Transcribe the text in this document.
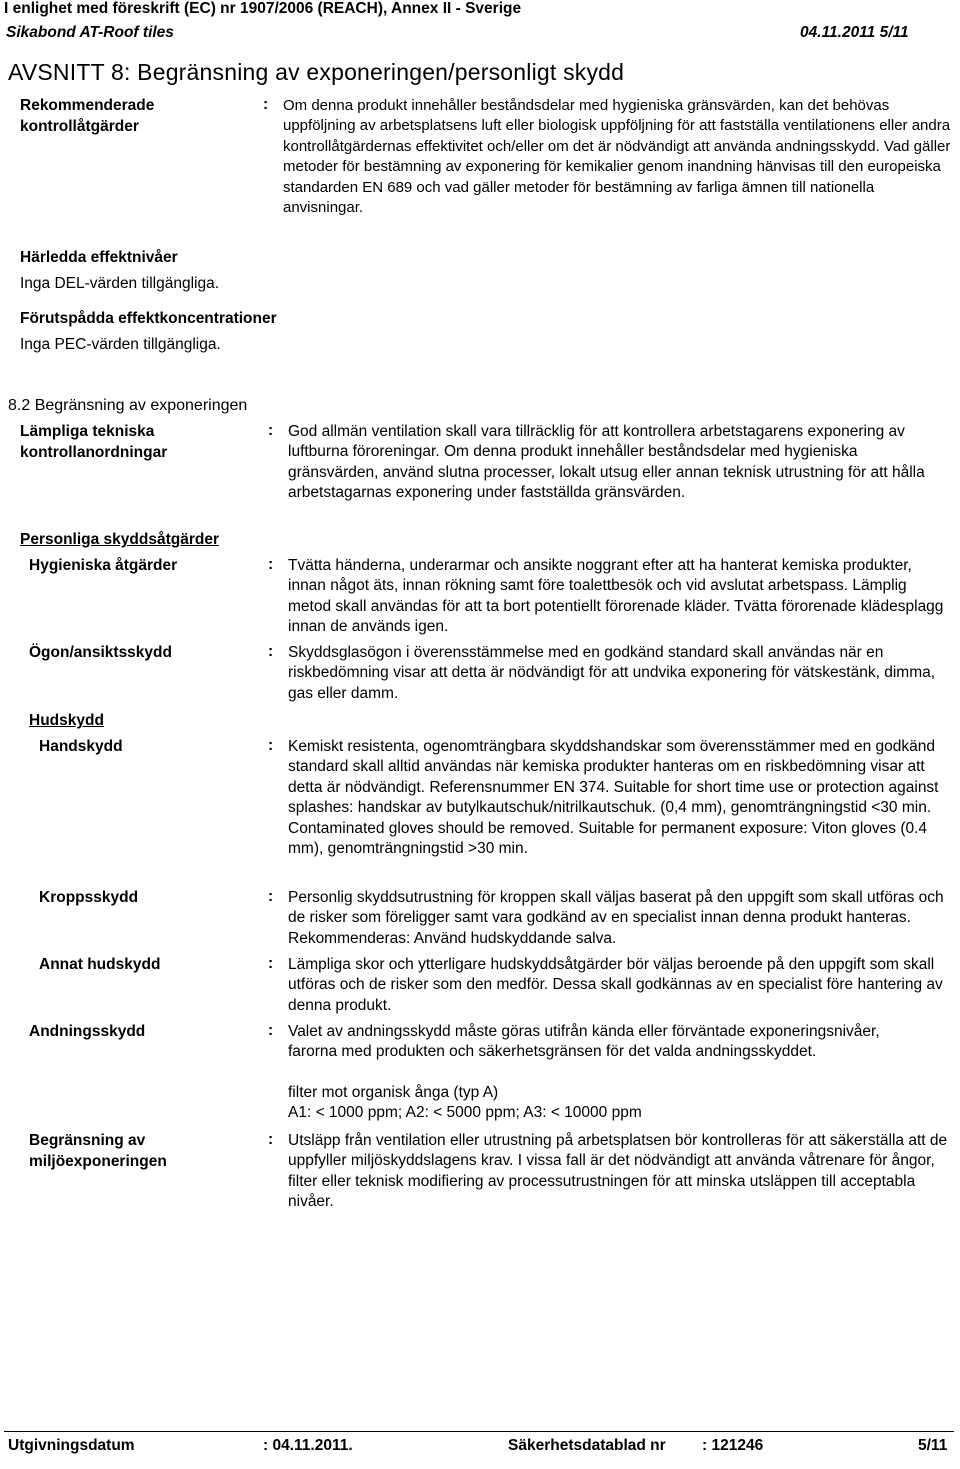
I enlighet med föreskrift (EC) nr 1907/2006 (REACH), Annex II - Sverige
Sikabond AT-Roof tiles	04.11.2011 5/11
AVSNITT 8: Begränsning av exponeringen/personligt skydd
Rekommenderade kontrollåtgärder
: Om denna produkt innehåller beståndsdelar med hygieniska gränsvärden, kan det behövas uppföljning av arbetsplatsens luft eller biologisk uppföljning för att fastställa ventilationens eller andra kontrollåtgärdernas effektivitet och/eller om det är nödvändigt att använda andningsskydd. Vad gäller metoder för bestämning av exponering för kemikalier genom inandning hänvisas till den europeiska standarden EN 689 och vad gäller metoder för bestämning av farliga ämnen till nationella anvisningar.
Härledda effektnivåer
Inga DEL-värden tillgängliga.
Förutspådda effektkoncentrationer
Inga PEC-värden tillgängliga.
8.2 Begränsning av exponeringen
Lämpliga tekniska kontrollanordningar
: God allmän ventilation skall vara tillräcklig för att kontrollera arbetstagarens exponering av luftburna föroreningar. Om denna produkt innehåller beståndsdelar med hygieniska gränsvärden, använd slutna processer, lokalt utsug eller annan teknisk utrustning för att hålla arbetstagarnas exponering under fastställda gränsvärden.
Personliga skyddsåtgärder
Hygieniska åtgärder	: Tvätta händerna, underarmar och ansikte noggrant efter att ha hanterat kemiska produkter, innan något äts, innan rökning samt före toalettbesök och vid avslutat arbetspass. Lämplig metod skall användas för att ta bort potentiellt förorenade kläder. Tvätta förorenade klädesplagg innan de används igen.
Ögon/ansiktsskydd	: Skyddsglasögon i överensstämmelse med en godkänd standard skall användas när en riskbedömning visar att detta är nödvändigt för att undvika exponering för vätskestänk, dimma, gas eller damm.
Hudskydd
Handskydd	: Kemiskt resistenta, ogenomträngbara skyddshandskar som överensstämmer med en godkänd standard skall alltid användas när kemiska produkter hanteras om en riskbedömning visar att detta är nödvändigt. Referensnummer EN 374. Suitable for short time use or protection against splashes: handskar av butylkautschuk/nitrilkautschuk. (0,4 mm), genomträngningstid <30 min. Contaminated gloves should be removed. Suitable for permanent exposure: Viton gloves (0.4 mm), genomträngningstid >30 min.
Kroppsskydd	: Personlig skyddsutrustning för kroppen skall väljas baserat på den uppgift som skall utföras och de risker som föreligger samt vara godkänd av en specialist innan denna produkt hanteras. Rekommenderas: Använd hudskyddande salva.
Annat hudskydd	: Lämpliga skor och ytterligare hudskyddsåtgärder bör väljas beroende på den uppgift som skall utföras och de risker som den medför. Dessa skall godkännas av en specialist före hantering av denna produkt.
Andningsskydd	: Valet av andningsskydd måste göras utifrån kända eller förväntade exponeringsnivåer, farorna med produkten och säkerhetsgränsen för det valda andningsskyddet.
filter mot organisk ånga (typ A)
A1: < 1000 ppm; A2: < 5000 ppm; A3: < 10000 ppm
Begränsning av miljöexponeringen
: Utsläpp från ventilation eller utrustning på arbetsplatsen bör kontrolleras för att säkerställa att de uppfyller miljöskyddslagens krav. I vissa fall är det nödvändigt att använda våtrenare för ångor, filter eller teknisk modifiering av processutrustningen för att minska utsläppen till acceptabla nivåer.
Utgivningsdatum	: 04.11.2011.	Säkerhetsdatablad nr : 121246	5/11
